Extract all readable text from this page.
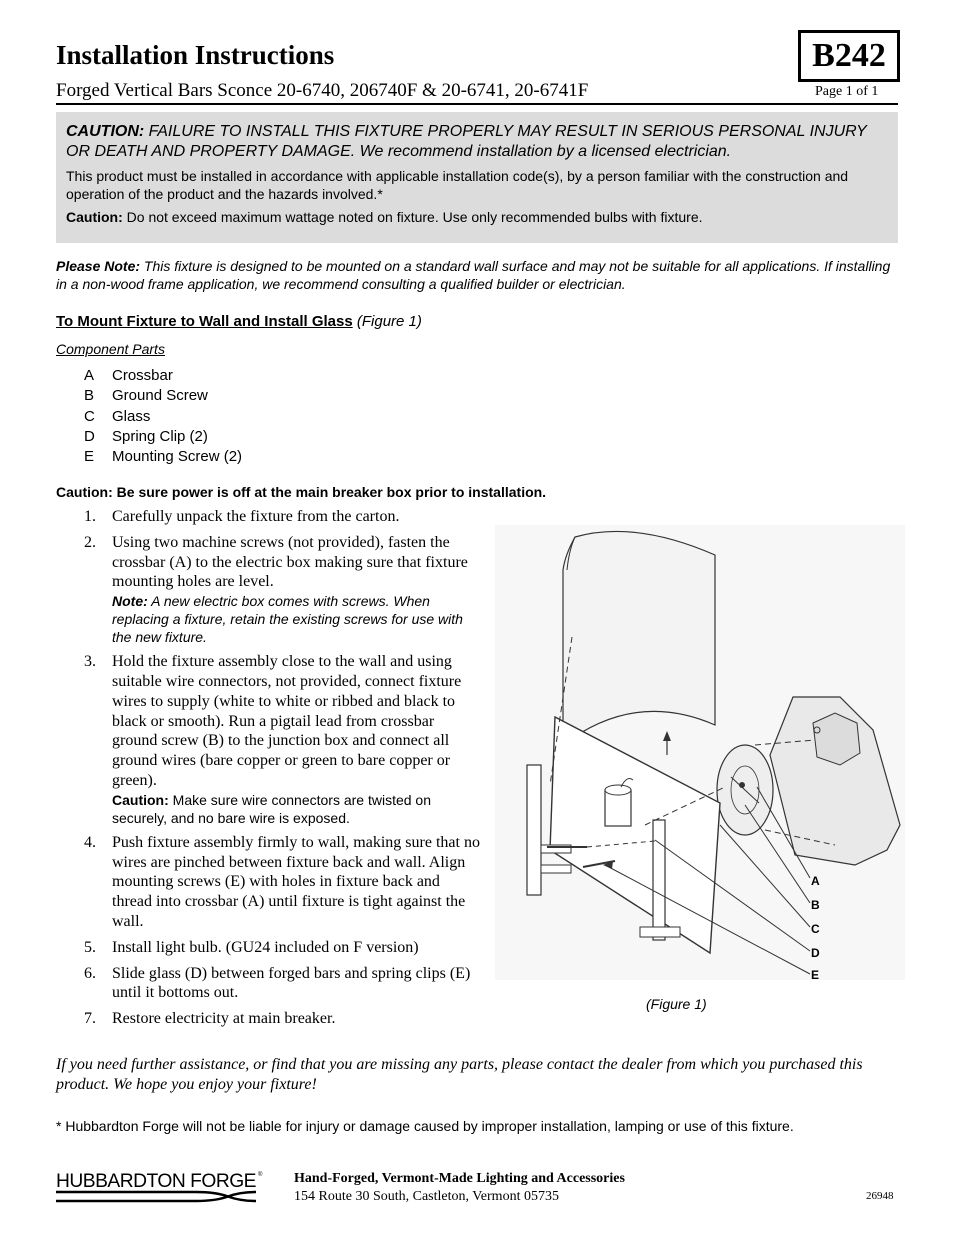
Installation Instructions	B242
Forged Vertical Bars Sconce 20-6740, 206740F & 20-6741, 20-6741F	Page 1 of 1
CAUTION: FAILURE TO INSTALL THIS FIXTURE PROPERLY MAY RESULT IN SERIOUS PERSONAL INJURY OR DEATH AND PROPERTY DAMAGE. We recommend installation by a licensed electrician.
This product must be installed in accordance with applicable installation code(s), by a person familiar with the construction and operation of the product and the hazards involved.*
Caution: Do not exceed maximum wattage noted on fixture. Use only recommended bulbs with fixture.
Please Note: This fixture is designed to be mounted on a standard wall surface and may not be suitable for all applications. If installing in a non-wood frame application, we recommend consulting a qualified builder or electrician.
To Mount Fixture to Wall and Install Glass (Figure 1)
Component Parts
A Crossbar
B Ground Screw
C Glass
D Spring Clip (2)
E Mounting Screw (2)
Caution: Be sure power is off at the main breaker box prior to installation.
1. Carefully unpack the fixture from the carton.
2. Using two machine screws (not provided), fasten the crossbar (A) to the electric box making sure that fixture mounting holes are level.
Note: A new electric box comes with screws. When replacing a fixture, retain the existing screws for use with the new fixture.
3. Hold the fixture assembly close to the wall and using suitable wire connectors, not provided, connect fixture wires to supply (white to white or ribbed and black to black or smooth). Run a pigtail lead from crossbar ground screw (B) to the junction box and connect all ground wires (bare copper or green to bare copper or green).
Caution: Make sure wire connectors are twisted on securely, and no bare wire is exposed.
4. Push fixture assembly firmly to wall, making sure that no wires are pinched between fixture back and wall. Align mounting screws (E) with holes in fixture back and thread into crossbar (A) until fixture is tight against the wall.
5. Install light bulb. (GU24 included on F version)
6. Slide glass (D) between forged bars and spring clips (E) until it bottoms out.
7. Restore electricity at main breaker.
A
B
C
D
E
(Figure 1)
If you need further assistance, or find that you are missing any parts, please contact the dealer from which you purchased this product. We hope you enjoy your fixture!
* Hubbardton Forge will not be liable for injury or damage caused by improper installation, lamping or use of this fixture.
HUBBARDTON FORGE ® Hand-Forged, Vermont-Made Lighting and Accessories
154 Route 30 South, Castleton, Vermont 05735	26948
